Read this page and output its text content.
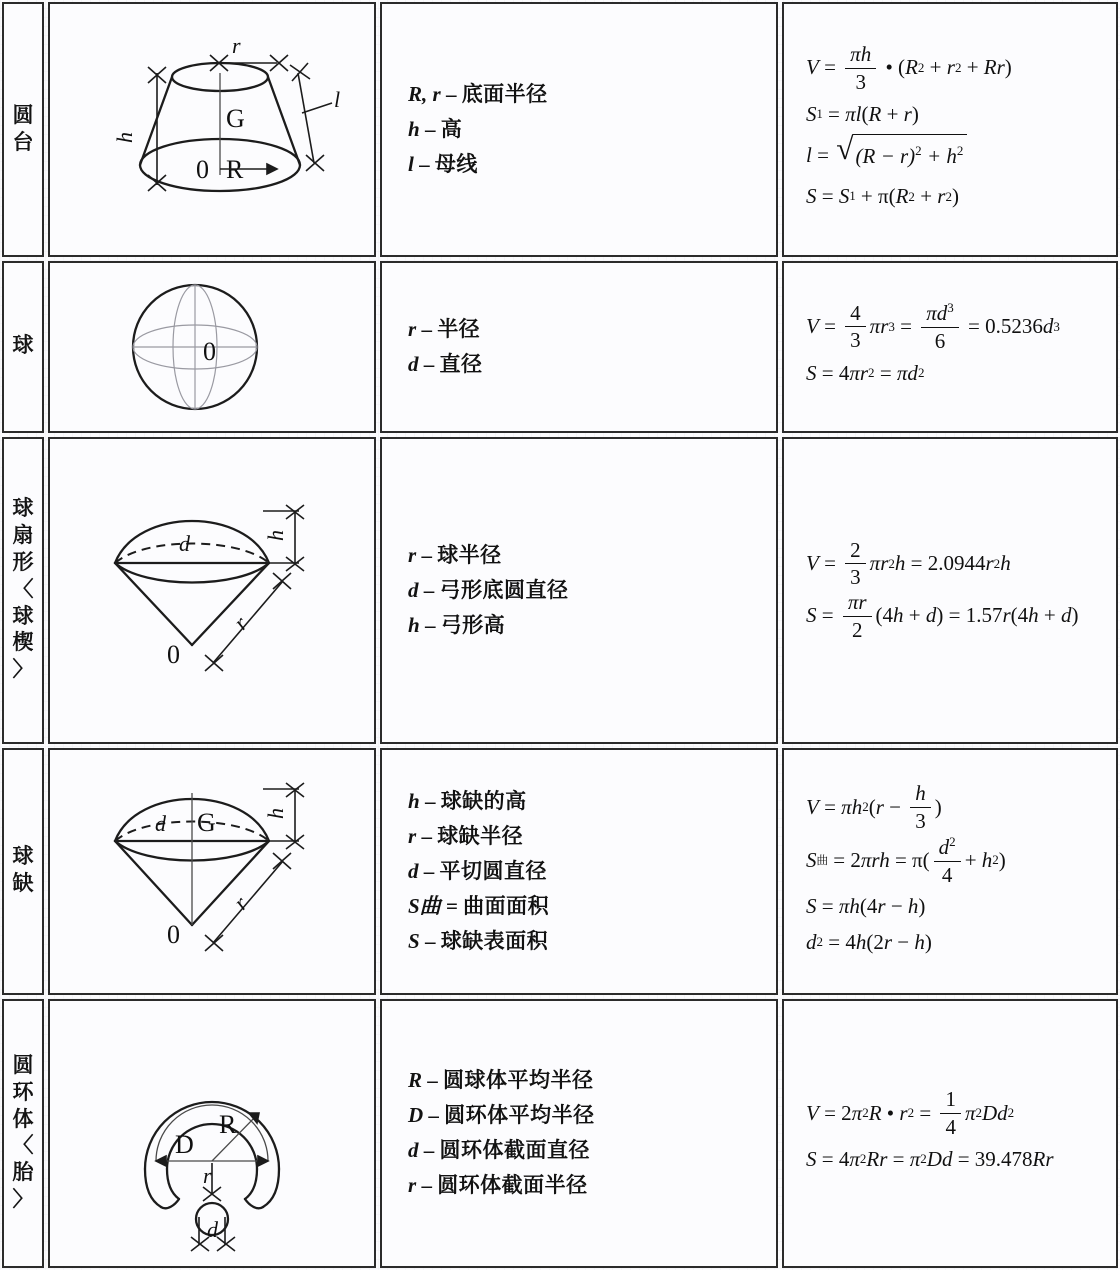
圆
台
r
h
l
G
0 R
R, r – 底面半径
h – 高
l – 母线
$V = \frac{\pi h}{3}$ • ( R 2 + r 2 + Rr )
S 1 = πl ( R + r )
l = √ $(R - r)^2 + h^2$
S = S 1 + π( R 2 + r 2 )
球	0
r – 半径
d – 直径
$V = \frac{4}{3}$ πr $3 = \frac{\pi d^3}{6} = 0.5236$ d 3
S = 4 πr 2 = πd 2
球
扇
形
〈
球
楔
〉
d	h
r
0
r – 球半径
d – 弓形底圆直径
h – 弓形高
$V = \frac{2}{3}$ πr 2 h = 2.0944 r 2 h
$S = \frac{\pi r}{2} (4$ h + d ) = 1.57 r (4 h + d )
球
缺
d G h
r
0
h – 球缺的高
r – 球缺半径
d – 平切圆直径
S曲 = 曲面面积
S – 球缺表面积
V = πh 2 ( $r - \frac{h}{3}$ )
S 曲 = 2 $\pi rh = \pi( \frac{d^2}{4} + h$ 2 )
S = πh (4 r − h )
d 2 = 4 h (2 r − h )
圆
环
体
〈
胎
〉
D
R
r
d
R – 圆球体平均半径
D – 圆环体平均半径
d – 圆环体截面直径
r – 圆环体截面半径
V = 2 π 2 R • r $2 = \frac{1}{4}$ π 2 Dd 2
S = 4 π 2 Rr = π 2 Dd = 39.478 Rr
